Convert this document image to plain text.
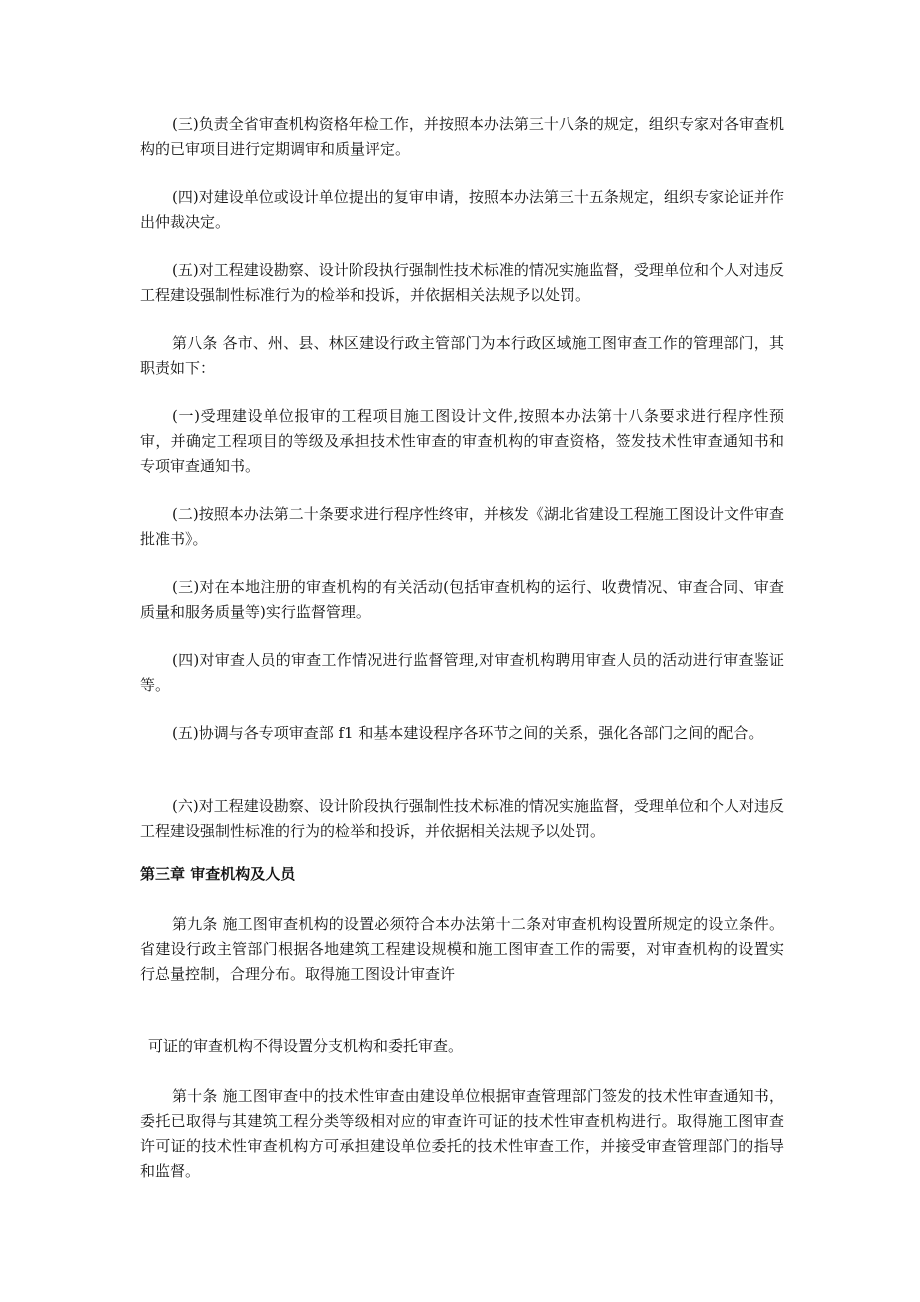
(三)负责全省审查机构资格年检工作，并按照本办法第三十八条的规定，组织专家对各审查机构的已审项目进行定期调审和质量评定。

(四)对建设单位或设计单位提出的复审申请，按照本办法第三十五条规定，组织专家论证并作出仲裁决定。

(五)对工程建设勘察、设计阶段执行强制性技术标准的情况实施监督，受理单位和个人对违反工程建设强制性标准行为的检举和投诉，并依据相关法规予以处罚。

第八条 各市、州、县、林区建设行政主管部门为本行政区域施工图审查工作的管理部门，其职责如下：

(一)受理建设单位报审的工程项目施工图设计文件,按照本办法第十八条要求进行程序性预审，并确定工程项目的等级及承担技术性审查的审查机构的审查资格，签发技术性审查通知书和专项审查通知书。

(二)按照本办法第二十条要求进行程序性终审，并核发《湖北省建设工程施工图设计文件审查批准书》。

(三)对在本地注册的审查机构的有关活动(包括审查机构的运行、收费情况、审查合同、审查质量和服务质量等)实行监督管理。

(四)对审查人员的审查工作情况进行监督管理,对审查机构聘用审查人员的活动进行审查鉴证等。

(五)协调与各专项审查部 f1 和基本建设程序各环节之间的关系，强化各部门之间的配合。

(六)对工程建设勘察、设计阶段执行强制性技术标准的情况实施监督，受理单位和个人对违反工程建设强制性标准的行为的检举和投诉，并依据相关法规予以处罚。

第三章 审查机构及人员

第九条 施工图审查机构的设置必须符合本办法第十二条对审查机构设置所规定的设立条件。省建设行政主管部门根据各地建筑工程建设规模和施工图审查工作的需要，对审查机构的设置实行总量控制，合理分布。取得施工图设计审查许

可证的审查机构不得设置分支机构和委托审查。

第十条 施工图审查中的技术性审查由建设单位根据审查管理部门签发的技术性审查通知书，委托已取得与其建筑工程分类等级相对应的审查许可证的技术性审查机构进行。取得施工图审查许可证的技术性审查机构方可承担建设单位委托的技术性审查工作，并接受审查管理部门的指导和监督。
